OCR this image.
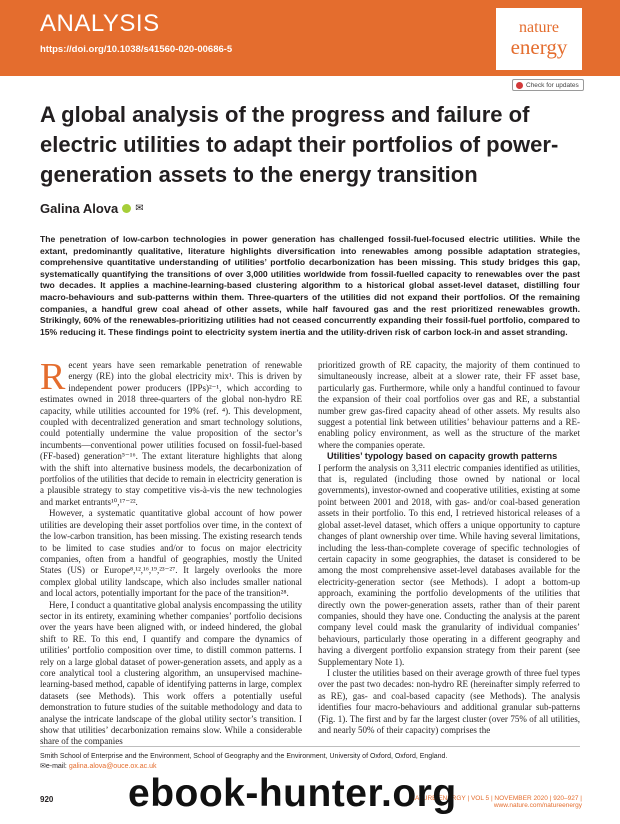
ANALYSIS
https://doi.org/10.1038/s41560-020-00686-5
nature
energy
Check for updates
A global analysis of the progress and failure of electric utilities to adapt their portfolios of power-generation assets to the energy transition
Galina Alova ✉

The penetration of low-carbon technologies in power generation has challenged fossil-fuel-focused electric utilities. While the extant, predominantly qualitative, literature highlights diversification into renewables among possible adaptation strategies, comprehensive quantitative understanding of utilities’ portfolio decarbonization has been missing. This study bridges this gap, systematically quantifying the transitions of over 3,000 utilities worldwide from fossil-fuelled capacity to renewables over the past two decades. It applies a machine-learning-based clustering algorithm to a historical global asset-level dataset, distilling four macro-behaviours and sub-patterns within them. Three-quarters of the utilities did not expand their portfolios. Of the remaining companies, a handful grew coal ahead of other assets, while half favoured gas and the rest prioritized renewables growth. Strikingly, 60% of the renewables-prioritizing utilities had not ceased concurrently expanding their fossil-fuel portfolio, compared to 15% reducing it. These findings point to electricity system inertia and the utility-driven risk of carbon lock-in and asset stranding.

Recent years have seen remarkable penetration of renewable energy (RE) into the global electricity mix¹. This is driven by independent power producers (IPPs)²⁻¹, which according to estimates owned in 2018 three-quarters of the global non-hydro RE capacity, while utilities accounted for 19% (ref. ⁴). This development, coupled with decentralized generation and smart technology solutions, could potentially undermine the value proposition of the sector’s incumbents—conventional power utilities focused on fossil-fuel-based (FF-based) generation⁵⁻¹⁶. The extant literature highlights that along with the shift into alternative business models, the decarbonization of portfolios of the utilities that decide to remain in electricity generation is a plausible strategy to stay competitive vis-à-vis the new technologies and market entrants¹⁰,¹⁷⁻²².

However, a systematic quantitative global account of how power utilities are developing their asset portfolios over time, in the context of the low-carbon transition, has been missing. The existing research tends to be limited to case studies and/or to focus on major electricity companies, often from a handful of geographies, mostly the United States (US) or Europe⁸,¹²,¹⁶,¹⁹,²³⁻²⁷. It largely overlooks the more complex global utility landscape, which also includes smaller national and local actors, potentially important for the pace of the transition²⁸.

Here, I conduct a quantitative global analysis encompassing the utility sector in its entirety, examining whether companies’ portfolio decisions over the years have been aligned with, or indeed hindered, the global shift to RE. To this end, I quantify and compare the dynamics of utilities’ portfolio composition over time, to distill common patterns. I rely on a large global dataset of power-generation assets, and apply as a core analytical tool a clustering algorithm, an unsupervised machine-learning-based method, capable of identifying patterns in large, complex datasets (see Methods). This work offers a potentially useful demonstration to future studies of the suitable methodology and data to analyse the intricate landscape of the global utility sector’s transition. I show that utilities’ decarbonization remains slow. While a considerable share of the companies

prioritized growth of RE capacity, the majority of them continued to simultaneously increase, albeit at a slower rate, their FF asset base, particularly gas. Furthermore, while only a handful continued to favour the expansion of their coal portfolios over gas and RE, a substantial number grew gas-fired capacity ahead of other assets. My results also suggest a potential link between utilities’ behaviour patterns and a RE-enabling policy environment, as well as the structure of the market where the companies operate.

Utilities’ typology based on capacity growth patterns

I perform the analysis on 3,311 electric companies identified as utilities, that is, regulated (including those owned by national or local governments), investor-owned and cooperative utilities, existing at some point between 2001 and 2018, with gas- and/or coal-based generation assets in their portfolio. To this end, I retrieved historical releases of a global asset-level dataset, which offers a unique opportunity to capture changes of plant ownership over time. While having several limitations, including the less-than-complete coverage of specific technologies of certain capacity in some geographies, the dataset is considered to be among the most comprehensive asset-level databases available for the electricity-generation sector (see Methods). I adopt a bottom-up approach, examining the portfolio developments of the utilities that directly own the power-generation assets, rather than of their parent companies, should they have one. Conducting the analysis at the parent company level could mask the granularity of individual companies’ behaviours, particularly those operating in a different geography and having a divergent portfolio expansion strategy from their parent (see Supplementary Note 1).

I cluster the utilities based on their average growth of three fuel types over the past two decades: non-hydro RE (hereinafter simply referred to as RE), gas- and coal-based capacity (see Methods). The analysis identifies four macro-behaviours and additional granular sub-patterns (Fig. 1). The first and by far the largest cluster (over 75% of all utilities, and nearly 50% of their capacity) comprises the

Smith School of Enterprise and the Environment, School of Geography and the Environment, University of Oxford, Oxford, England.
✉e-mail: galina.alova@ouce.ox.ac.uk
920	NATURE ENERGY | VOL 5 | NOVEMBER 2020 | 920–927 | www.nature.com/natureenergy
ebook-hunter.org
